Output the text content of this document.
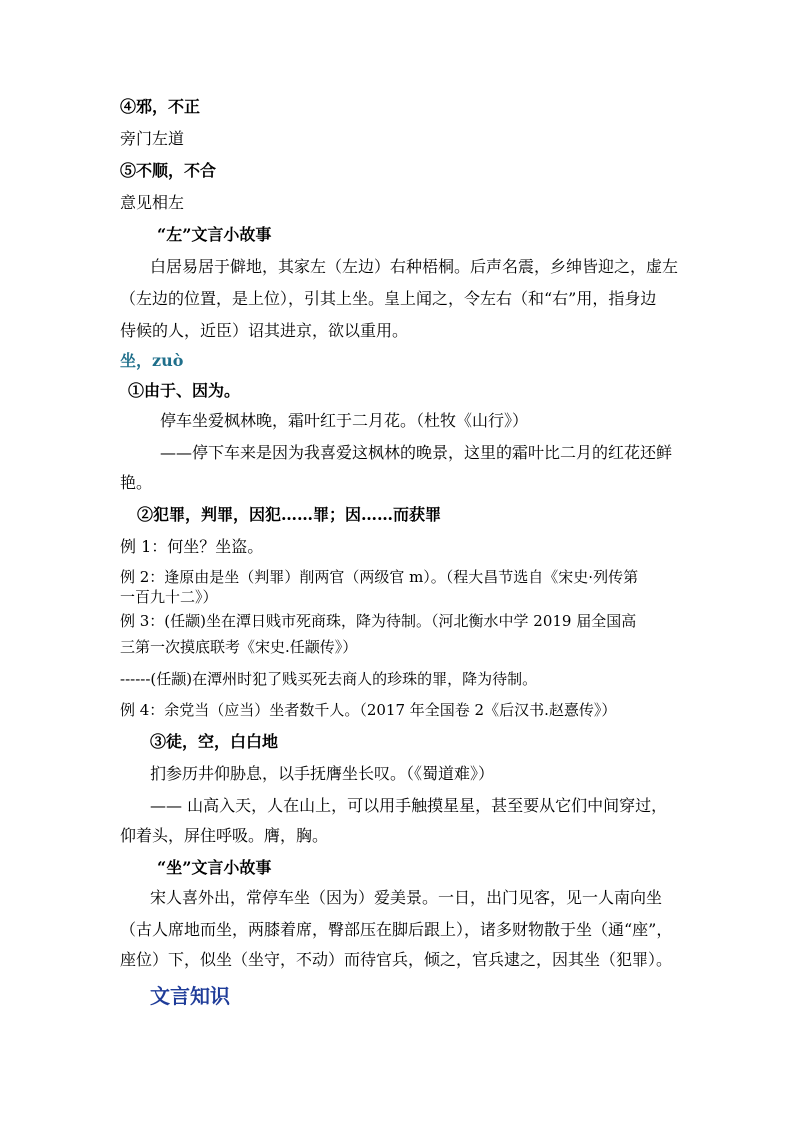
④邪，不正
旁门左道
⑤不顺，不合
意见相左
“左”文言小故事
白居易居于僻地，其家左（左边）右种梧桐。后声名震，乡绅皆迎之，虚左
（左边的位置，是上位），引其上坐。皇上闻之，令左右（和“右”用，指身边
侍候的人，近臣）诏其进京，欲以重用。
坐，zuò
①由于、因为。
停车坐爱枫林晚，霜叶红于二月花。（杜牧《山行》）
——停下车来是因为我喜爱这枫林的晚景，这里的霜叶比二月的红花还鲜
艳。
②犯罪，判罪，因犯……罪；因……而获罪
例 1：何坐？坐盗。
例 2：逢原由是坐（判罪）削两官（两级官 m）。（程大昌节选自《宋史·列传第
一百九十二》）
例 3：(任颛)坐在潭日贱市死商珠，降为待制。（河北衡水中学 2019 届全国高
三第一次摸底联考《宋史.任颛传》）
------(任颛)在潭州时犯了贱买死去商人的珍珠的罪，降为待制。
例 4：余党当（应当）坐者数千人。（2017 年全国卷 2《后汉书.赵憙传》）
③徒，空，白白地
扪参历井仰胁息，以手抚膺坐长叹。（《蜀道难》）
—— 山高入天，人在山上，可以用手触摸星星，甚至要从它们中间穿过，
仰着头，屏住呼吸。膺，胸。
“坐”文言小故事
宋人喜外出，常停车坐（因为）爱美景。一日，出门见客，见一人南向坐
（古人席地而坐，两膝着席，臀部压在脚后跟上），诸多财物散于坐（通“座”，
座位）下，似坐（坐守，不动）而待官兵，倾之，官兵逮之，因其坐（犯罪）。
文言知识
